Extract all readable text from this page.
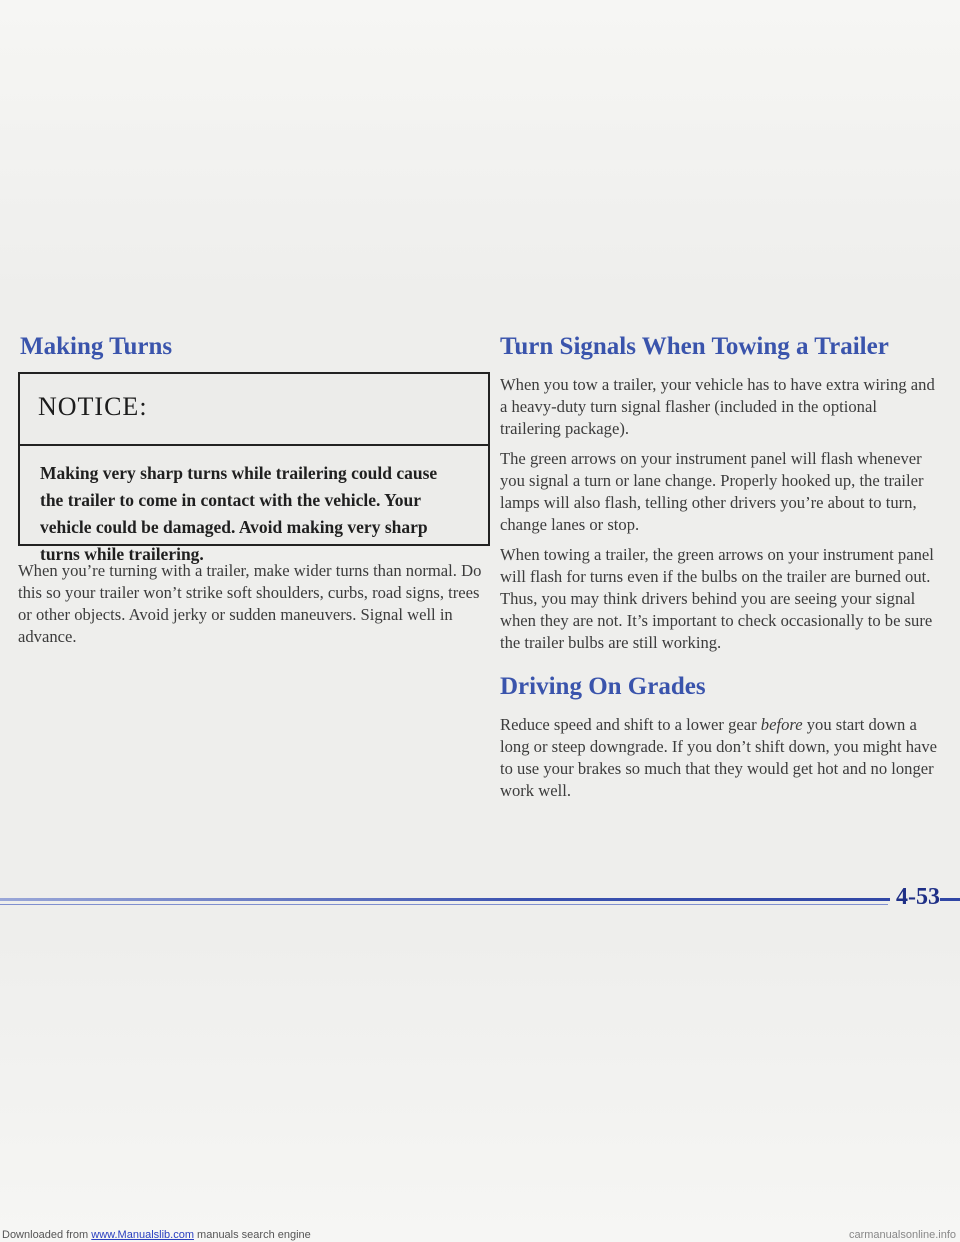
Making Turns

NOTICE:

Making very sharp turns while trailering could cause the trailer to come in contact with the vehicle. Your vehicle could be damaged. Avoid making very sharp turns while trailering.

When you’re turning with a trailer, make wider turns than normal. Do this so your trailer won’t strike soft shoulders, curbs, road signs, trees or other objects. Avoid jerky or sudden maneuvers. Signal well in advance.

Turn Signals When Towing a Trailer

When you tow a trailer, your vehicle has to have extra wiring and a heavy-duty turn signal flasher (included in the optional trailering package).

The green arrows on your instrument panel will flash whenever you signal a turn or lane change. Properly hooked up, the trailer lamps will also flash, telling other drivers you’re about to turn, change lanes or stop.

When towing a trailer, the green arrows on your instrument panel will flash for turns even if the bulbs on the trailer are burned out. Thus, you may think drivers behind you are seeing your signal when they are not. It’s important to check occasionally to be sure the trailer bulbs are still working.

Driving On Grades

Reduce speed and shift to a lower gear before you start down a long or steep downgrade. If you don’t shift down, you might have to use your brakes so much that they would get hot and no longer work well.

4-53
Downloaded from www.Manualslib.com manuals search engine	carmanualsonline.info
